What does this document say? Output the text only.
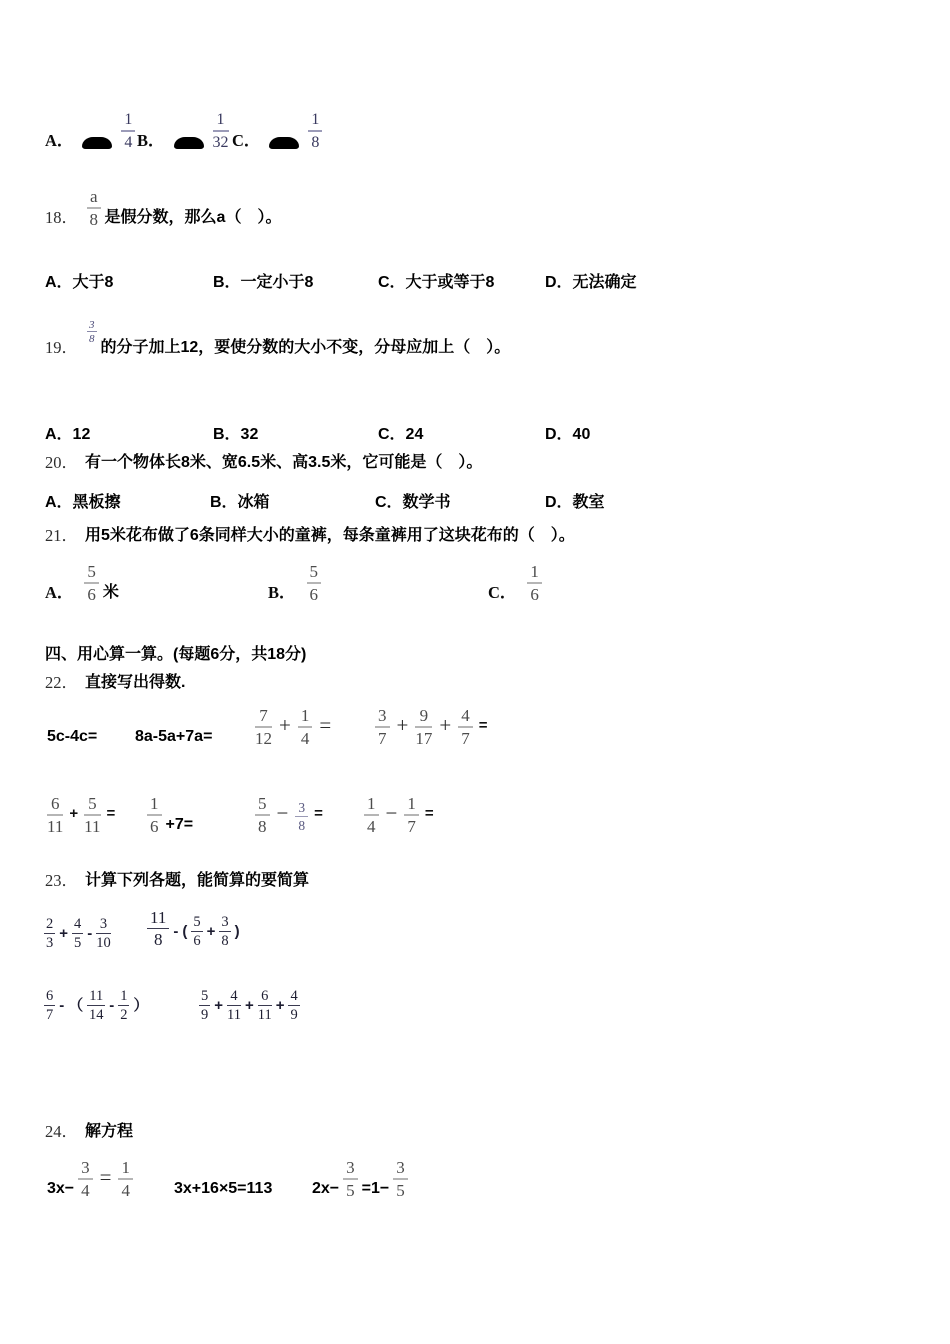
A．
1
4 B．
1
32 C．
1
8
18．
a
8 是假分数，那么a（　）。
A．大于8	B．一定小于8	C．大于或等于8	D．无法确定
19．
3
8 的分子加上12，要使分数的大小不变，分母应加上（　）。
A．12	B．32	C．24	D．40
20． 有一个物体长8米、宽6.5米、高3.5米，它可能是（　）。
A．黑板擦	B．冰箱	C．数学书	D．教室
21． 用5米花布做了6条同样大小的童裤，每条童裤用了这块花布的（　）。
A．
5
6 米	B．
5
6	C．
1
6
四、用心算一算。(每题6分，共18分)
22． 直接写出得数.
5c-4c= 8a-5a+7a=
7
12
+ $\frac{1}{4}$ =	3
7
+ $\frac{9}{17} + \frac{4}{7}$ =
6
11
+ $\frac{5}{11}$ =
1
6 +7=
5
8
− $\frac{3}{8}$ =
1
4
− $\frac{1}{7}$ =
23． 计算下列各题，能简算的要简算
2
3
+ $\frac{4}{5}$ -
3
10
11
8 - (
5
6
+ $\frac{3}{8}$ )
6
7
- （
11
14
-
1
2
）
5
9
+ $\frac{4}{11} + \frac{6}{11} + \frac{4}{9}$
24． 解方程
$3x- \frac{3}{4} = \frac{1}{4}$	3x+16×5=113 $2x- \frac{3}{5} =1- \frac{3}{5}$
